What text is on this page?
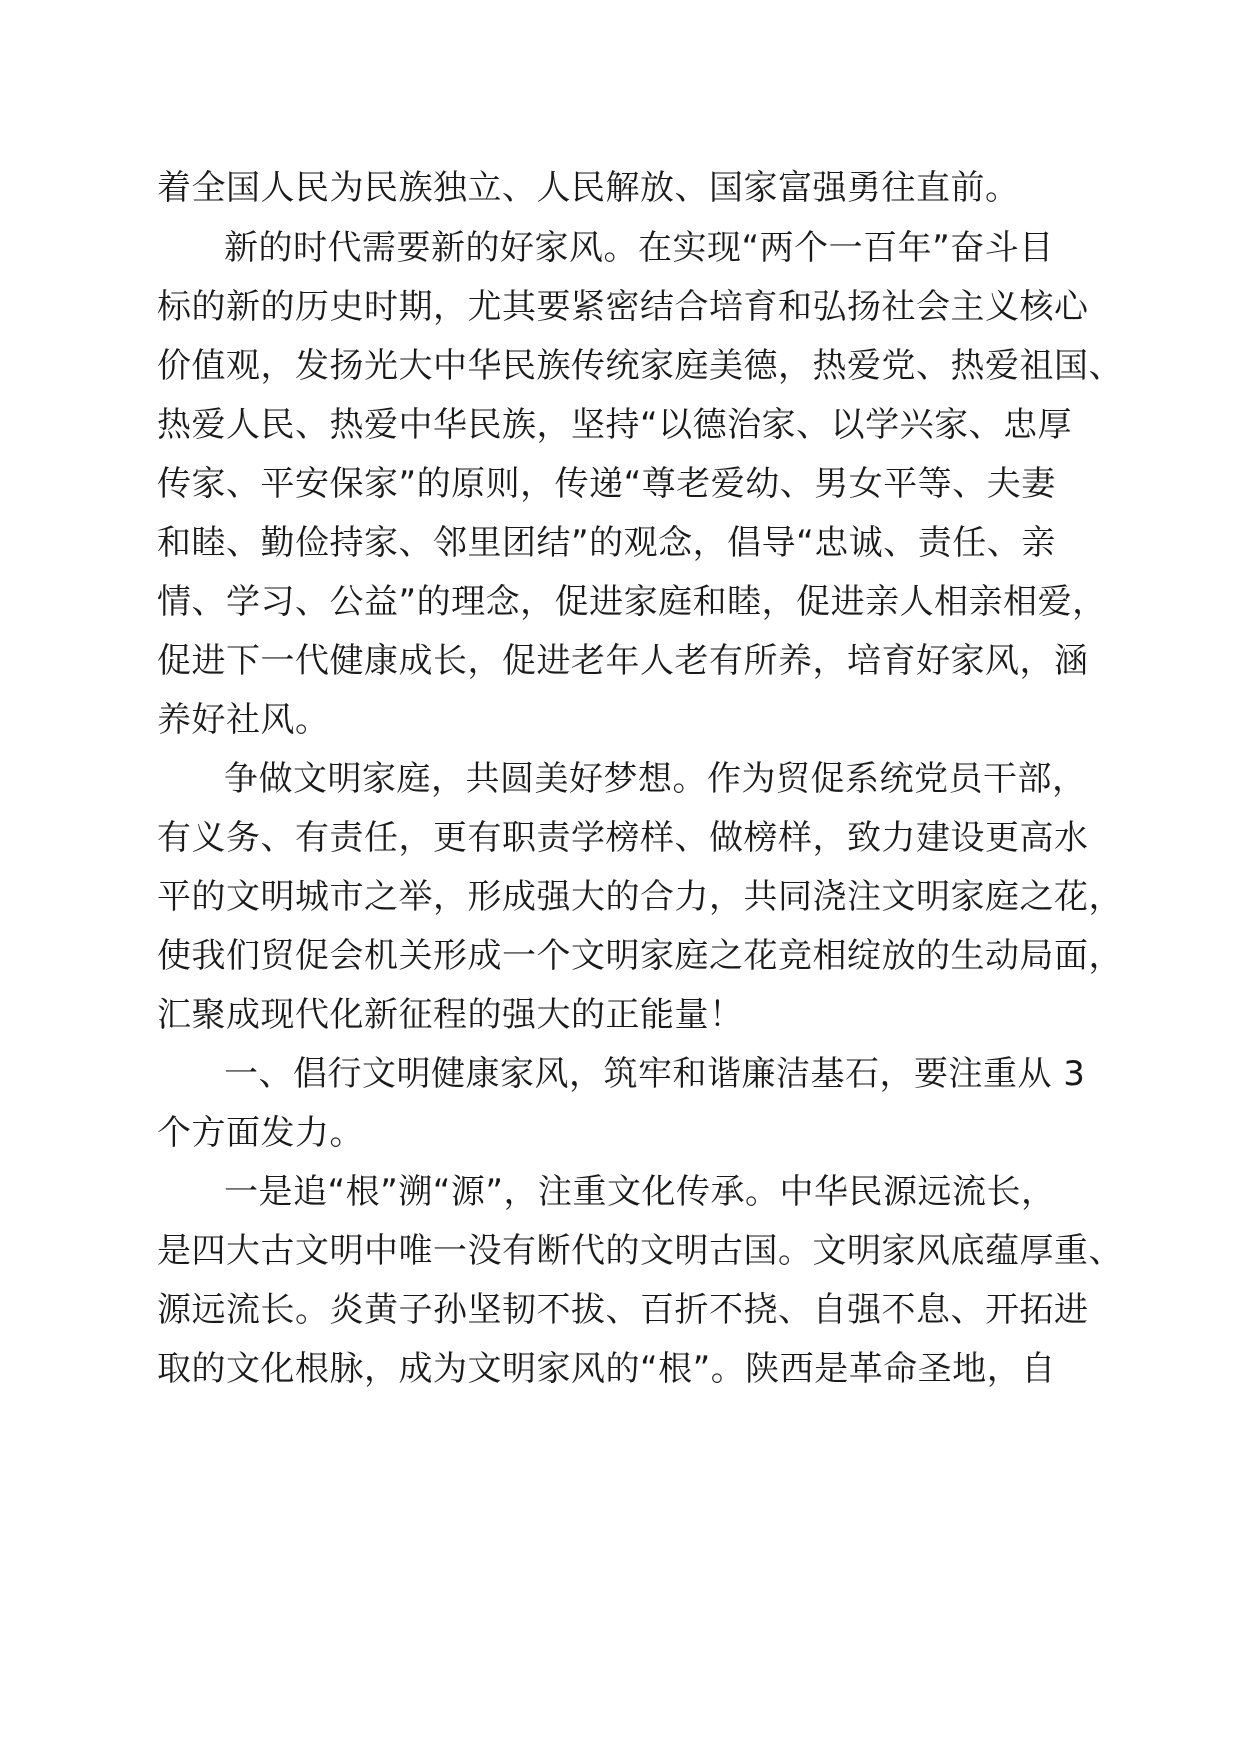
着全国人民为民族独立、人民解放、国家富强勇往直前。
新的时代需要新的好家风。在实现“两个一百年”奋斗目
标的新的历史时期，尤其要紧密结合培育和弘扬社会主义核心
价值观，发扬光大中华民族传统家庭美德，热爱党、热爱祖国、
热爱人民、热爱中华民族，坚持“以德治家、以学兴家、忠厚
传家、平安保家”的原则，传递“尊老爱幼、男女平等、夫妻
和睦、勤俭持家、邻里团结”的观念，倡导“忠诚、责任、亲
情、学习、公益”的理念，促进家庭和睦，促进亲人相亲相爱，
促进下一代健康成长，促进老年人老有所养，培育好家风，涵
养好社风。
争做文明家庭，共圆美好梦想。作为贸促系统党员干部，
有义务、有责任，更有职责学榜样、做榜样，致力建设更高水
平的文明城市之举，形成强大的合力，共同浇注文明家庭之花，
使我们贸促会机关形成一个文明家庭之花竞相绽放的生动局面，
汇聚成现代化新征程的强大的正能量！
一、倡行文明健康家风，筑牢和谐廉洁基石，要注重从 3
个方面发力。
一是追“根”溯“源”，注重文化传承。中华民源远流长，
是四大古文明中唯一没有断代的文明古国。文明家风底蕴厚重、
源远流长。炎黄子孙坚韧不拔、百折不挠、自强不息、开拓进
取的文化根脉，成为文明家风的“根”。陕西是革命圣地，自
